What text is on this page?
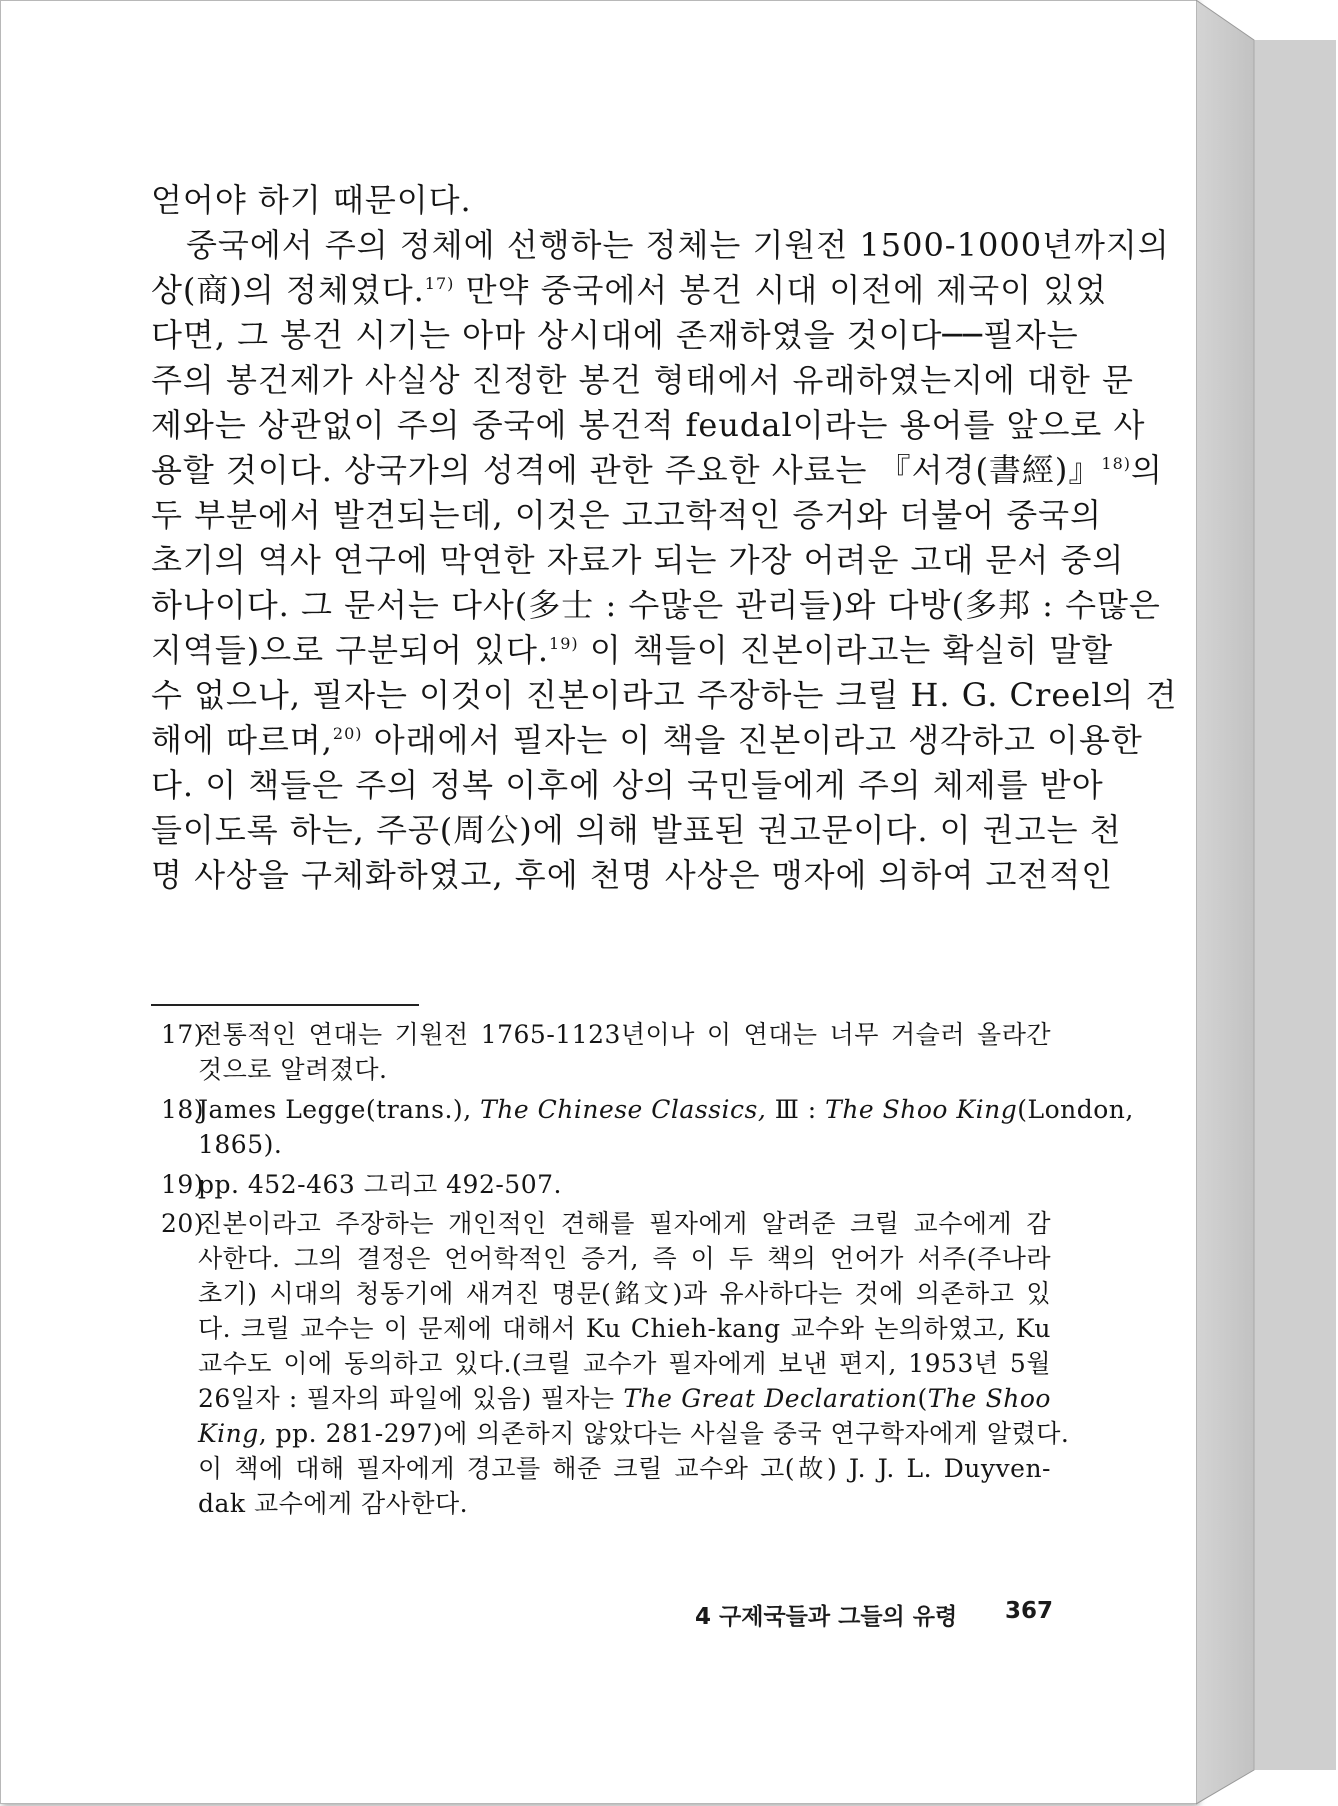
얻어야 하기 때문이다.
중국에서 주의 정체에 선행하는 정체는 기원전 1500-1000년까지의
상(商)의 정체였다.$^{17)}$ 만약 중국에서 봉건 시대 이전에 제국이 있었
다면, 그 봉건 시기는 아마 상시대에 존재하였을 것이다──필자는
주의 봉건제가 사실상 진정한 봉건 형태에서 유래하였는지에 대한 문
제와는 상관없이 주의 중국에 봉건적 feudal이라는 용어를 앞으로 사
용할 것이다. 상국가의 성격에 관한 주요한 사료는 『서경(書經)』$^{18)}$의
두 부분에서 발견되는데, 이것은 고고학적인 증거와 더불어 중국의
초기의 역사 연구에 막연한 자료가 되는 가장 어려운 고대 문서 중의
하나이다. 그 문서는 다사(多士 : 수많은 관리들)와 다방(多邦 : 수많은
지역들)으로 구분되어 있다.$^{19)}$ 이 책들이 진본이라고는 확실히 말할
수 없으나, 필자는 이것이 진본이라고 주장하는 크릴 H. G. Creel의 견
해에 따르며,$^{20)}$ 아래에서 필자는 이 책을 진본이라고 생각하고 이용한
다. 이 책들은 주의 정복 이후에 상의 국민들에게 주의 체제를 받아
들이도록 하는, 주공(周公)에 의해 발표된 권고문이다. 이 권고는 천
명 사상을 구체화하였고, 후에 천명 사상은 맹자에 의하여 고전적인
17)
전통적인 연대는 기원전 1765-1123년이나 이 연대는 너무 거슬러 올라간
것으로 알려졌다.
18)
James Legge(trans.), The Chinese Classics, Ⅲ : The Shoo King(London,
1865).
19)
pp. 452-463 그리고 492-507.
20)
진본이라고 주장하는 개인적인 견해를 필자에게 알려준 크릴 교수에게 감
사한다. 그의 결정은 언어학적인 증거, 즉 이 두 책의 언어가 서주(주나라
초기) 시대의 청동기에 새겨진 명문(銘文)과 유사하다는 것에 의존하고 있
다. 크릴 교수는 이 문제에 대해서 Ku Chieh-kang 교수와 논의하였고, Ku
교수도 이에 동의하고 있다.(크릴 교수가 필자에게 보낸 편지, 1953년 5월
26일자 : 필자의 파일에 있음) 필자는 The Great Declaration(The Shoo
King, pp. 281-297)에 의존하지 않았다는 사실을 중국 연구학자에게 알렸다.
이 책에 대해 필자에게 경고를 해준 크릴 교수와 고(故) J. J. L. Duyven-
dak 교수에게 감사한다.
4 구제국들과 그들의 유령 367
